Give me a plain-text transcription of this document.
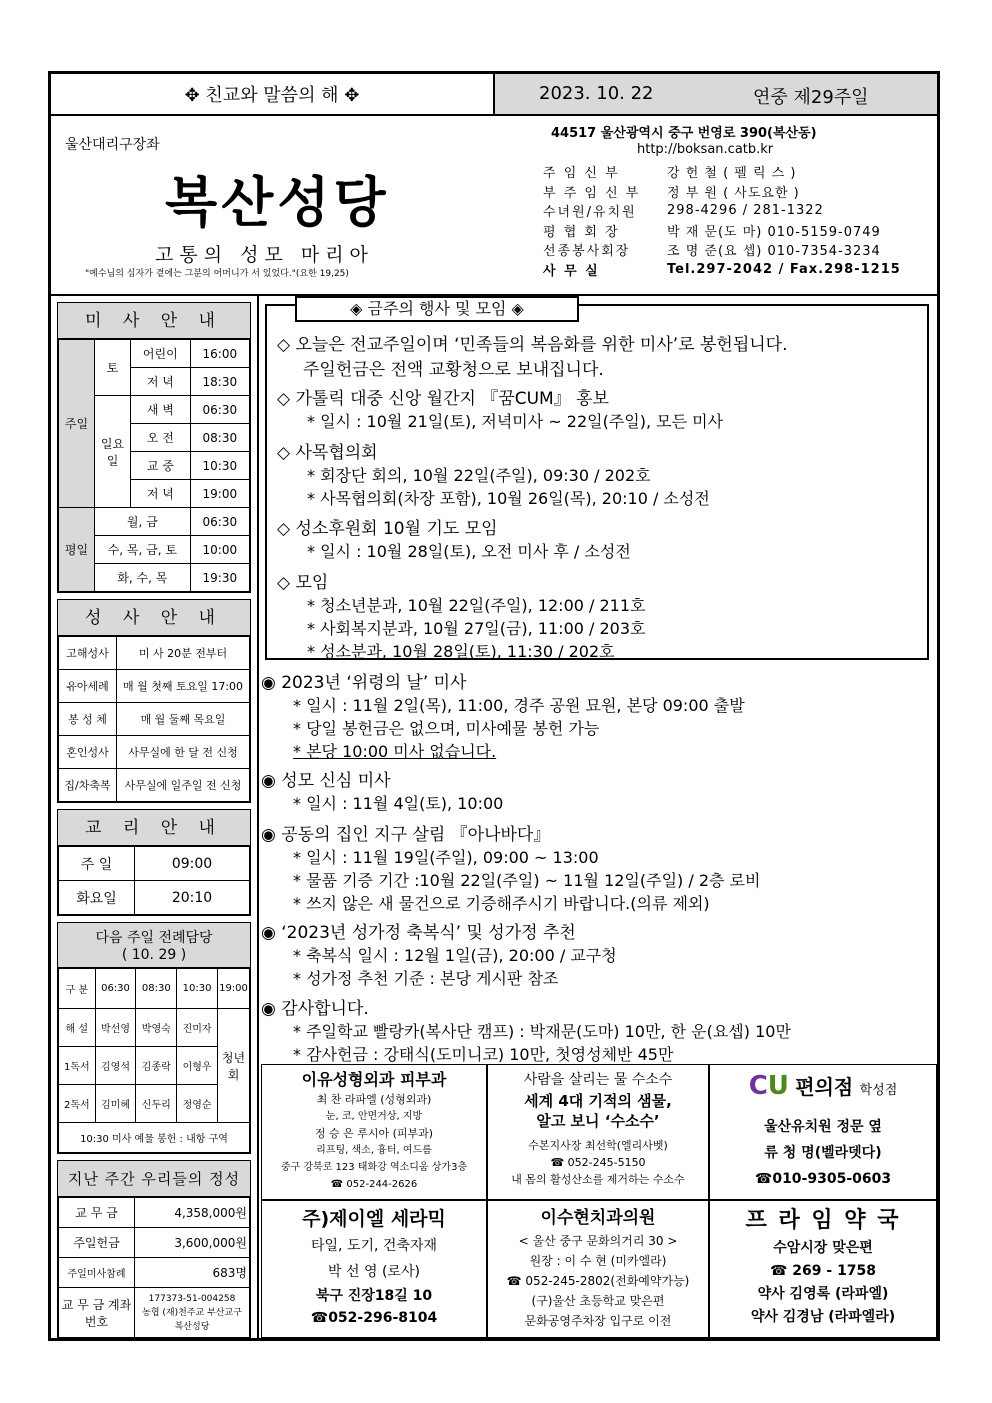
✥ 친교와 말씀의 해 ✥	2023. 10. 22	연중 제29주일
울산대리구장좌
복산성당
고통의 성모 마리아
"예수님의 십자가 곁에는 그분의 어머니가 서 있었다."(요한 19,25)
44517 울산광역시 중구 번영로 390(복산동)
http://boksan.catb.kr
주 임 신 부	강 헌 철 ( 펠 릭 스 )
부 주 임 신 부	정 부 원 ( 사도요한 )
수녀원/유치원	298-4296 / 281-1322
평 협 회 장	박 재 문(도 마) 010-5159-0749
선종봉사회장	조 명 준(요 셉) 010-7354-3234
사 무 실	Tel.297-2042 / Fax.298-1215
미 사 안 내
주일	토	어린이	16:00
		저 녁	18:30
	일요일	새 벽	06:30
		오 전	08:30
		교 중	10:30
		저 녁	19:00
평일	월, 금		06:30
	수, 목, 금, 토		10:00
	화, 수, 목		19:30
성 사 안 내
고해성사	미 사 20분 전부터
유아세례	매 월 첫째 토요일 17:00
봉 성 체	매 월 둘째 목요일
혼인성사	사무실에 한 달 전 신청
집/차축복	사무실에 일주일 전 신청
교 리 안 내
주 일	09:00
화요일	20:10
다음 주일 전례담당
( 10. 29 )
구 분	06:30	08:30	10:30	19:00
해 설	박선영	박영숙	진미자	청년회
1독서	김영석	김종락	이형우	
2독서	김미혜	신두리	정영순	
10:30 미사 예물 봉헌 : 내항 구역				
지난 주간 우리들의 정성
교 무 금	4,358,000원
주일헌금	3,600,000원
주일미사참례	683명
교 무 금 계좌번호	177373-51-004258
농협 (재)천주교 부산교구
복산성당
◈ 금주의 행사 및 모임 ◈
◇ 오늘은 전교주일이며 ‘민족들의 복음화를 위한 미사’로 봉헌됩니다.
주일헌금은 전액 교황청으로 보내집니다.
◇ 가톨릭 대중 신앙 월간지 『꿈CUM』 홍보
* 일시 : 10월 21일(토), 저녁미사 ~ 22일(주일), 모든 미사
◇ 사목협의회
* 회장단 회의, 10월 22일(주일), 09:30 / 202호
* 사목협의회(차장 포함), 10월 26일(목), 20:10 / 소성전
◇ 성소후원회 10월 기도 모임
* 일시 : 10월 28일(토), 오전 미사 후 / 소성전
◇ 모임
* 청소년분과, 10월 22일(주일), 12:00 / 211호
* 사회복지분과, 10월 27일(금), 11:00 / 203호
* 성소분과, 10월 28일(토), 11:30 / 202호
◉ 2023년 ‘위령의 날’ 미사
* 일시 : 11월 2일(목), 11:00, 경주 공원 묘원, 본당 09:00 출발
* 당일 봉헌금은 없으며, 미사예물 봉헌 가능
* 본당 10:00 미사 없습니다.
◉ 성모 신심 미사
* 일시 : 11월 4일(토), 10:00
◉ 공동의 집인 지구 살림 『아나바다』
* 일시 : 11월 19일(주일), 09:00 ~ 13:00
* 물품 기증 기간 :10월 22일(주일) ~ 11월 12일(주일) / 2층 로비
* 쓰지 않은 새 물건으로 기증해주시기 바랍니다.(의류 제외)
◉ ‘2023년 성가정 축복식’ 및 성가정 추천
* 축복식 일시 : 12월 1일(금), 20:00 / 교구청
* 성가정 추천 기준 : 본당 게시판 참조
◉ 감사합니다.
* 주일학교 빨랑카(복사단 캠프) : 박재문(도마) 10만, 한 운(요셉) 10만
* 감사헌금 : 강태식(도미니코) 10만, 첫영성체반 45만
이유성형외과 피부과
최 찬 라파엘 (성형외과)
눈, 코, 안면거상, 지방
정 승 은 루시아 (피부과)
리프팅, 색소, 흉터, 여드름
중구 강북로 123 태화강 역소디움 상가3층
☎ 052-244-2626
사람을 살리는 물 수소수
세계 4대 기적의 샘물,
알고 보니 ‘수소수’
수본지사장 최선학(엘리사벳)
☎ 052-245-5150
내 몸의 활성산소를 제거하는 수소수
CU 편의점 학성점
울산유치원 정문 옆
류 청 명(벨라뎃다)
☎010-9305-0603
주)제이엘 세라믹
타일, 도기, 건축자재
박 선 영 (로사)
북구 진장18길 10
☎052-296-8104
이수현치과의원
< 울산 중구 문화의거리 30 >
원장 : 이 수 현 (미카엘라)
☎ 052-245-2802(전화예약가능)
(구)울산 초등학교 맞은편
문화공영주차장 입구로 이전
프 라 임 약 국
수암시장 맞은편
☎ 269 - 1758
약사 김영록 (라파엘)
약사 김경남 (라파엘라)
